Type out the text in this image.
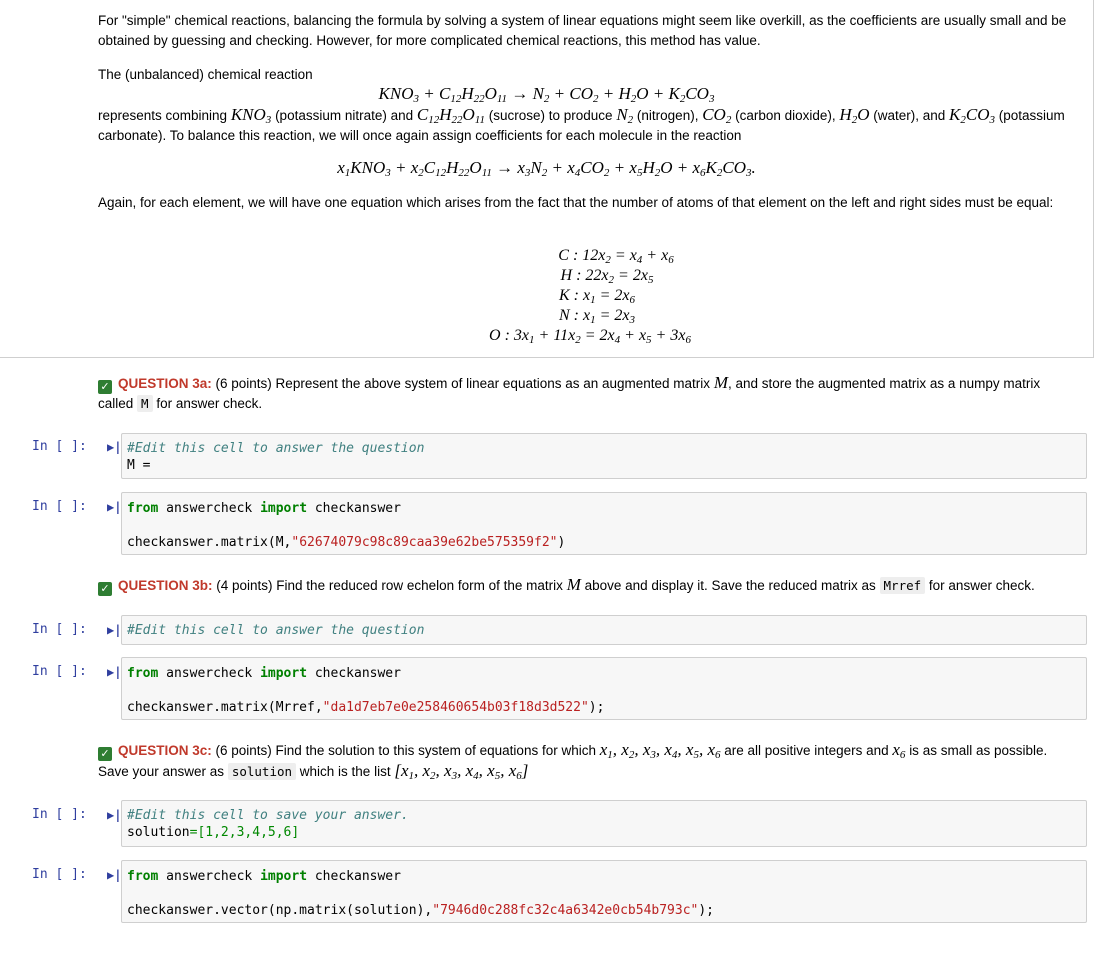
For "simple" chemical reactions, balancing the formula by solving a system of linear equations might seem like overkill, as the coefficients are usually small and be obtained by guessing and checking. However, for more complicated chemical reactions, this method has value.
The (unbalanced) chemical reaction
$KNO_3 + C_{12}H_{22}O_{11} \to N_2 + CO_2 + H_2O + K_2CO_3$
represents combining $KNO_3$ (potassium nitrate) and $C_{12}H_{22}O_{11}$ (sucrose) to produce $N_2$ (nitrogen), $CO_2$ (carbon dioxide), $H_2O$ (water), and $K_2CO_3$ (potassium carbonate). To balance this reaction, we will once again assign coefficients for each molecule in the reaction
$x_1KNO_3 + x_2C_{12}H_{22}O_{11} \to x_3N_2 + x_4CO_2 + x_5H_2O + x_6K_2CO_3$.
Again, for each element, we will have one equation which arises from the fact that the number of atoms of that element on the left and right sides must be equal:
C : $12x_2 = x_4 + x_6$
H : $22x_2 = 2x_5$
K : $x_1 = 2x_6$
N : $x_1 = 2x_3$
O : $3x_1 + 11x_2 = 2x_4 + x_5 + 3x_6$
✓ QUESTION 3a: (6 points) Represent the above system of linear equations as an augmented matrix M, and store the augmented matrix as a numpy matrix called M for answer check.
In [ ]: ▶| #Edit this cell to answer the question
M =
In [ ]: ▶| from answercheck import checkanswer
checkanswer.matrix(M,"62674079c98c89caa39e62be575359f2")
✓ QUESTION 3b: (4 points) Find the reduced row echelon form of the matrix M above and display it. Save the reduced matrix as Mrref for answer check.
In [ ]: ▶| #Edit this cell to answer the question
In [ ]: ▶| from answercheck import checkanswer
checkanswer.matrix(Mrref,"da1d7eb7e0e258460654b03f18d3d522");
✓ QUESTION 3c: (6 points) Find the solution to this system of equations for which $x_1$, $x_2$, $x_3$, $x_4$, $x_5$, $x_6$ are all positive integers and $x_6$ is as small as possible. Save your answer as solution which is the list [$x_1$, $x_2$, $x_3$, $x_4$, $x_5$, $x_6$]
In [ ]: ▶| #Edit this cell to save your answer.
solution=[1,2,3,4,5,6]
In [ ]: ▶| from answercheck import checkanswer
checkanswer.vector(np.matrix(solution),"7946d0c288fc32c4a6342e0cb54b793c");
